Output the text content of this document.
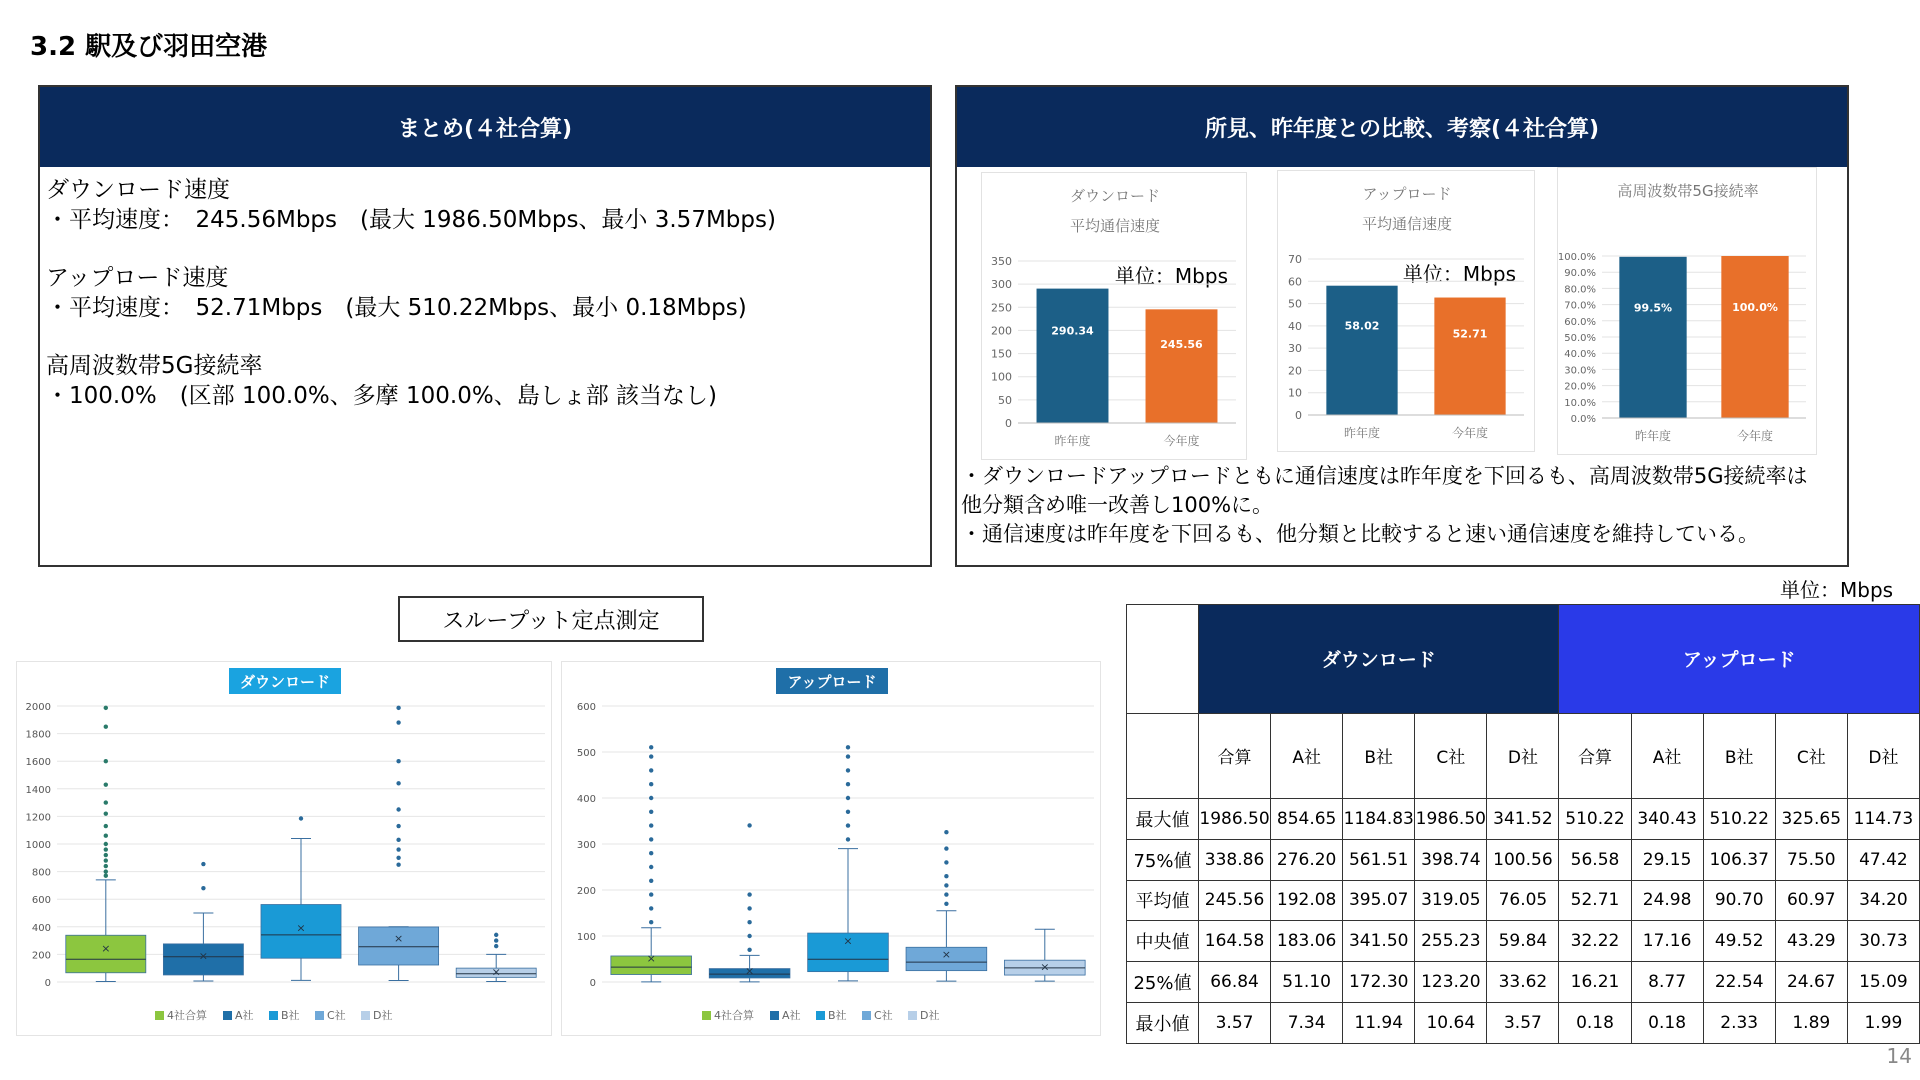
3.2 駅及び羽田空港
まとめ(４社合算)
ダウンロード速度
・平均速度：　245.56Mbps　(最大 1986.50Mbps、最小 3.57Mbps)
アップロード速度
・平均速度：　52.71Mbps　(最大 510.22Mbps、最小 0.18Mbps)
高周波数帯5G接続率
・100.0%　(区部 100.0%、多摩 100.0%、島しょ部 該当なし)
所見、昨年度との比較、考察(４社合算)
ダウンロード
平均通信速度
単位：Mbps
0
50
100
150
200
250
300
350
290.34
昨年度
245.56
今年度
アップロード
平均通信速度
単位：Mbps
0
10
20
30
40
50
60
70
58.02
昨年度
52.71
今年度
高周波数帯5G接続率
0.0%
10.0%
20.0%
30.0%
40.0%
50.0%
60.0%
70.0%
80.0%
90.0%
100.0%
99.5%
昨年度
100.0%
今年度
・ダウンロードアップロードともに通信速度は昨年度を下回るも、高周波数帯5G接続率は
他分類含め唯一改善し100%に。
・通信速度は昨年度を下回るも、他分類と比較すると速い通信速度を維持している。
スループット定点測定
ダウンロード
0
200
400
600
800
1000
1200
1400
1600
1800
2000
×
×
×
×
×
4社合算	A社 B社 C社 D社
アップロード
0
100
200
300
400
500
600
×
×
×
×
×
4社合算	A社 B社 C社 D社
単位：Mbps
	ダウンロード					アップロード				
	合算	A社	B社	C社	D社	合算	A社	B社	C社	D社
最大値	1986.50	854.65	1184.83	1986.50	341.52	510.22	340.43	510.22	325.65	114.73
75%値	338.86	276.20	561.51	398.74	100.56	56.58	29.15	106.37	75.50	47.42
平均値	245.56	192.08	395.07	319.05	76.05	52.71	24.98	90.70	60.97	34.20
中央値	164.58	183.06	341.50	255.23	59.84	32.22	17.16	49.52	43.29	30.73
25%値	66.84	51.10	172.30	123.20	33.62	16.21	8.77	22.54	24.67	15.09
最小値	3.57	7.34	11.94	10.64	3.57	0.18	0.18	2.33	1.89	1.99
14
